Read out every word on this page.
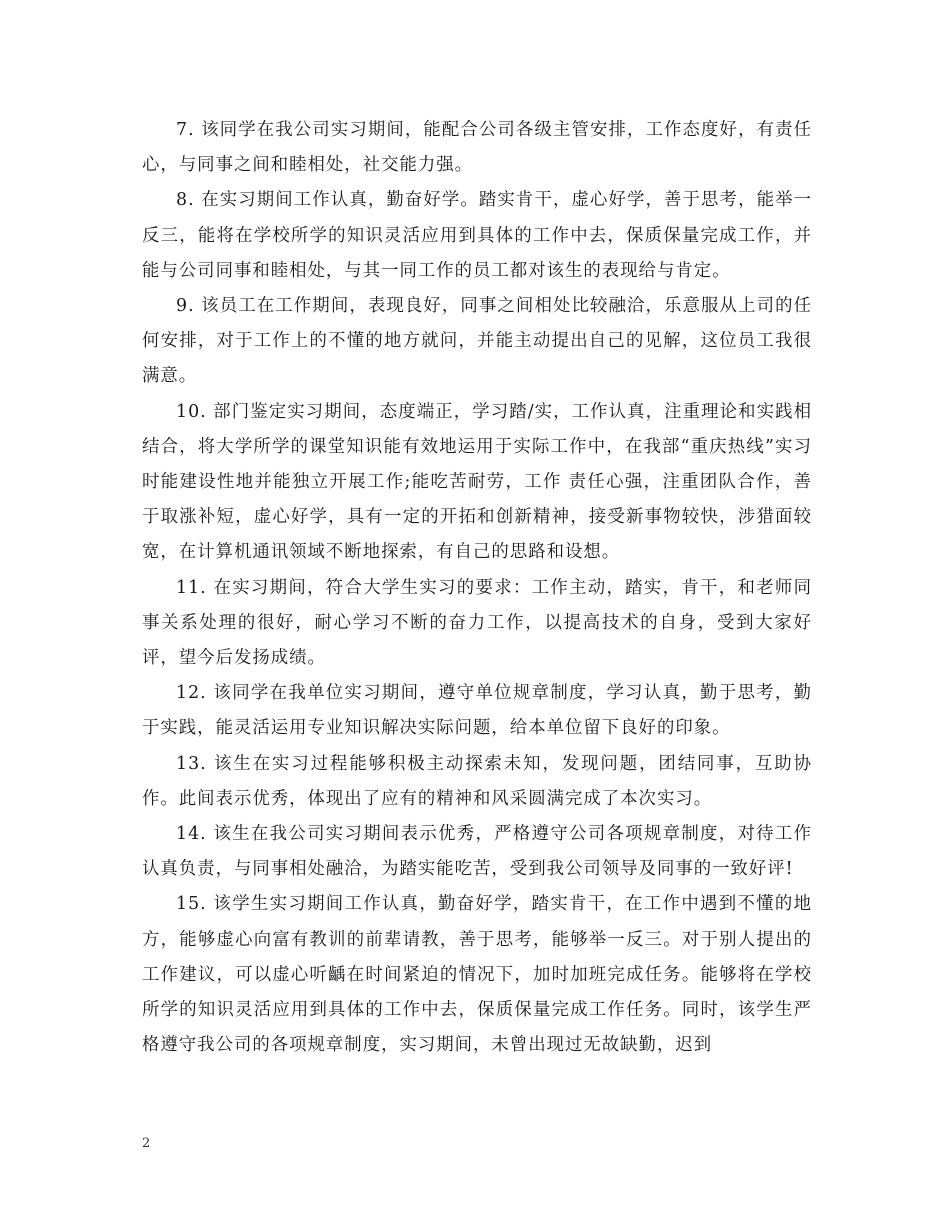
7. 该同学在我公司实习期间，能配合公司各级主管安排，工作态度好，有责任心，与同事之间和睦相处，社交能力强。

8. 在实习期间工作认真，勤奋好学。踏实肯干，虚心好学，善于思考，能举一反三，能将在学校所学的知识灵活应用到具体的工作中去，保质保量完成工作，并能与公司同事和睦相处，与其一同工作的员工都对该生的表现给与肯定。

9. 该员工在工作期间，表现良好，同事之间相处比较融洽，乐意服从上司的任何安排，对于工作上的不懂的地方就问，并能主动提出自己的见解，这位员工我很满意。

10. 部门鉴定实习期间，态度端正，学习踏/实，工作认真，注重理论和实践相结合，将大学所学的课堂知识能有效地运用于实际工作中，在我部“重庆热线”实习时能建设性地并能独立开展工作;能吃苦耐劳，工作 责任心强，注重团队合作，善于取涨补短，虚心好学，具有一定的开拓和创新精神，接受新事物较快，涉猎面较宽，在计算机通讯领域不断地探索，有自己的思路和设想。

11. 在实习期间，符合大学生实习的要求：工作主动，踏实，肯干，和老师同事关系处理的很好，耐心学习不断的奋力工作，以提高技术的自身，受到大家好评，望今后发扬成绩。

12. 该同学在我单位实习期间，遵守单位规章制度，学习认真，勤于思考，勤于实践，能灵活运用专业知识解决实际问题，给本单位留下良好的印象。

13. 该生在实习过程能够积极主动探索未知，发现问题，团结同事，互助协作。此间表示优秀，体现出了应有的精神和风采圆满完成了本次实习。

14. 该生在我公司实习期间表示优秀，严格遵守公司各项规章制度，对待工作认真负责，与同事相处融洽，为踏实能吃苦，受到我公司领导及同事的一致好评!

15. 该学生实习期间工作认真，勤奋好学，踏实肯干，在工作中遇到不懂的地方，能够虚心向富有教训的前辈请教，善于思考，能够举一反三。对于别人提出的工作建议，可以虚心听齲在时间紧迫的情况下，加时加班完成任务。能够将在学校所学的知识灵活应用到具体的工作中去，保质保量完成工作任务。同时，该学生严格遵守我公司的各项规章制度，实习期间，未曾出现过无故缺勤，迟到

2
